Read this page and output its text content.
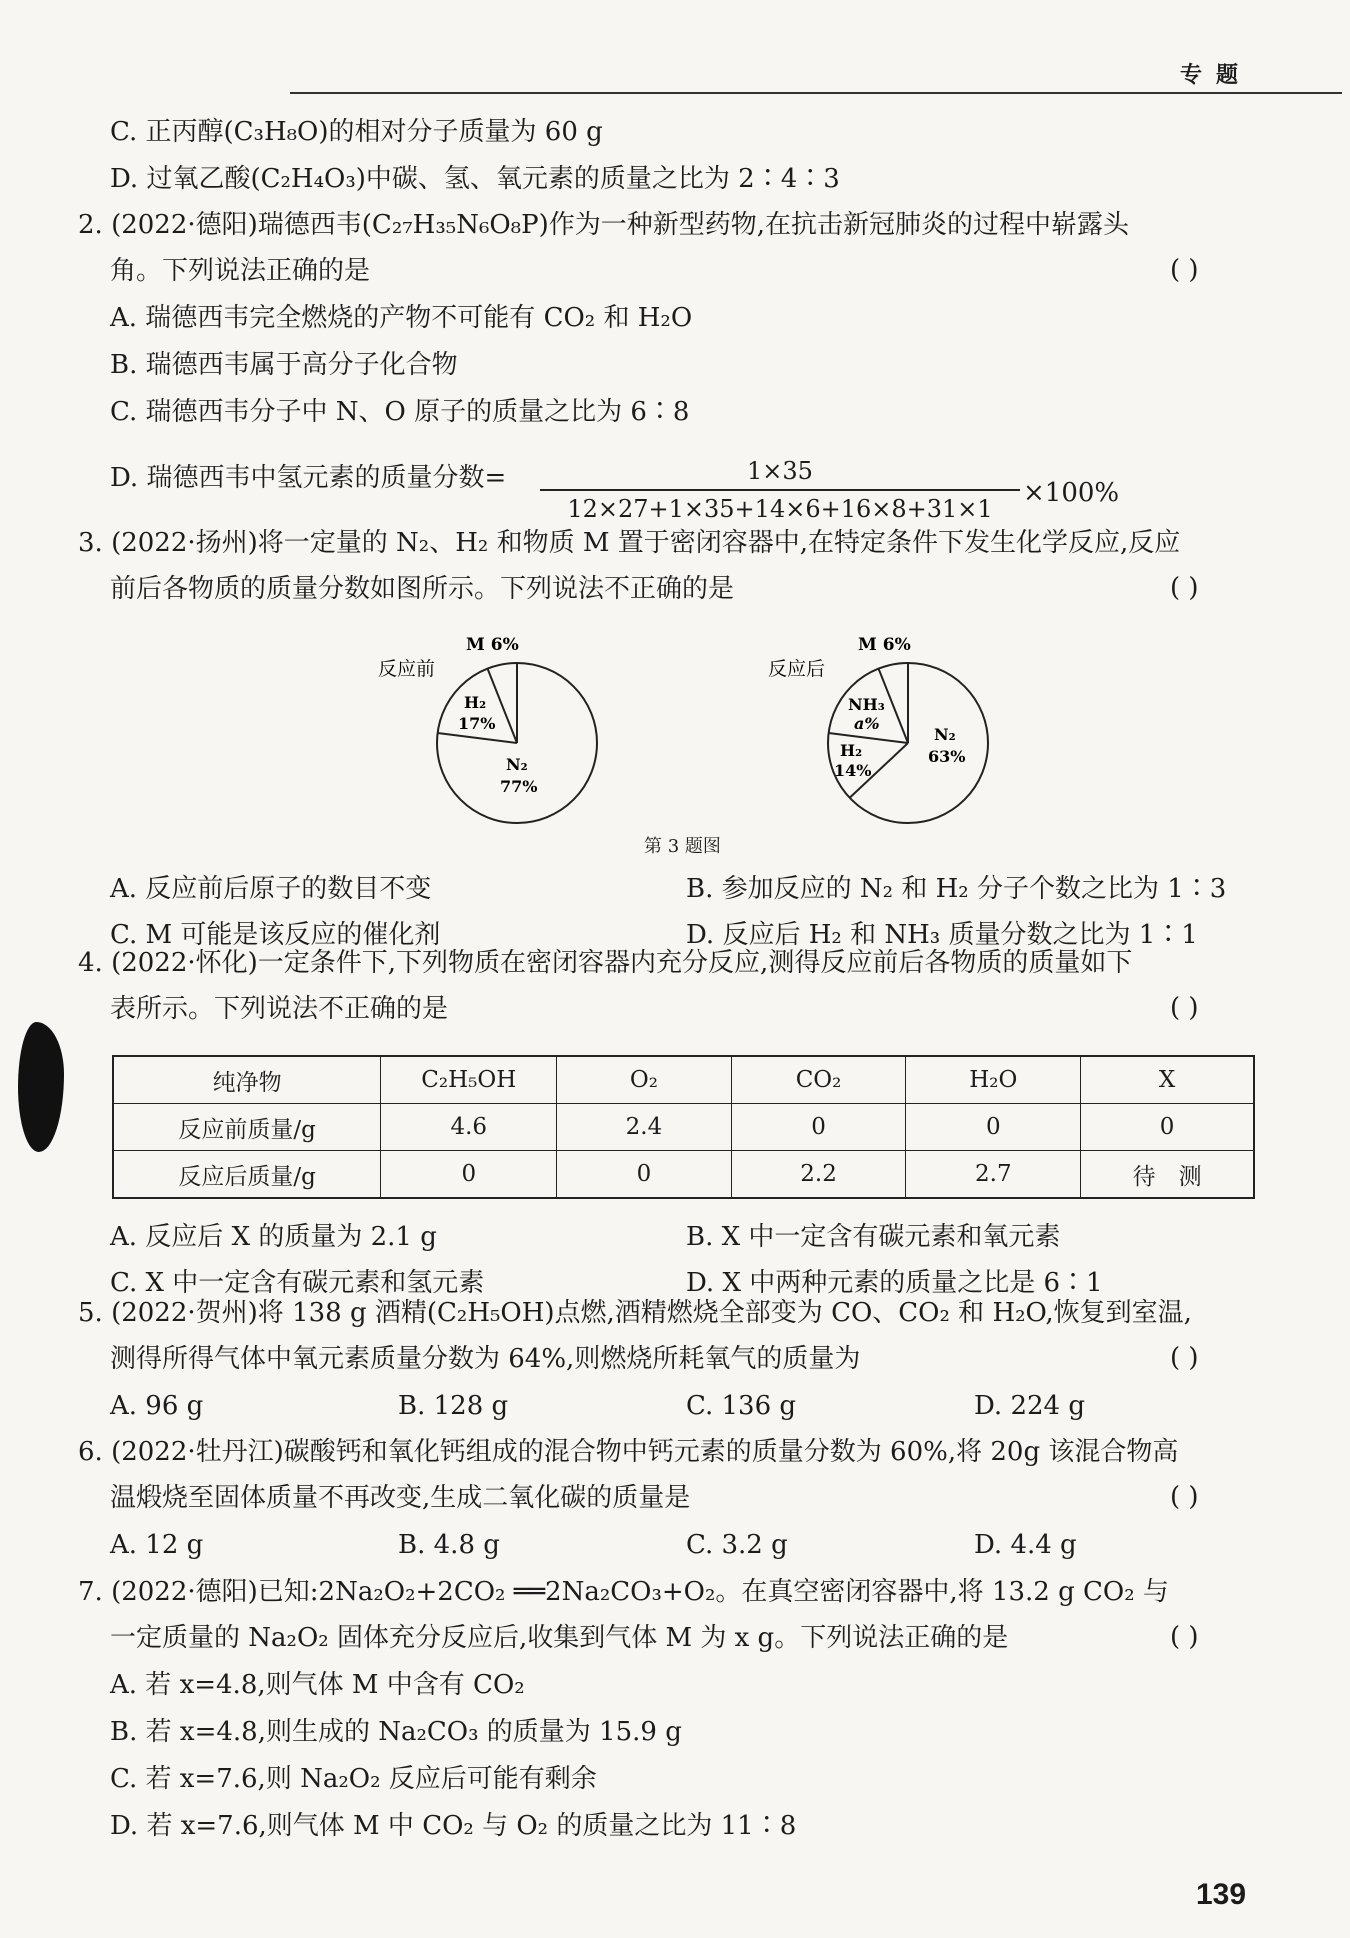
专题
C. 正丙醇(C₃H₈O)的相对分子质量为 60 g
D. 过氧乙酸(C₂H₄O₃)中碳、氢、氧元素的质量之比为 2∶4∶3
2. (2022·德阳)瑞德西韦(C₂₇H₃₅N₆O₈P)作为一种新型药物,在抗击新冠肺炎的过程中崭露头
角。下列说法正确的是
A. 瑞德西韦完全燃烧的产物不可能有 CO₂ 和 H₂O
B. 瑞德西韦属于高分子化合物
C. 瑞德西韦分子中 N、O 原子的质量之比为 6∶8
D. 瑞德西韦中氢元素的质量分数=
3. (2022·扬州)将一定量的 N₂、H₂ 和物质 M 置于密闭容器中,在特定条件下发生化学反应,反应
前后各物质的质量分数如图所示。下列说法不正确的是
4. (2022·怀化)一定条件下,下列物质在密闭容器内充分反应,测得反应前后各物质的质量如下
表所示。下列说法不正确的是
5. (2022·贺州)将 138 g 酒精(C₂H₅OH)点燃,酒精燃烧全部变为 CO、CO₂ 和 H₂O,恢复到室温,
测得所得气体中氧元素质量分数为 64%,则燃烧所耗氧气的质量为
6. (2022·牡丹江)碳酸钙和氧化钙组成的混合物中钙元素的质量分数为 60%,将 20g 该混合物高
温煅烧至固体质量不再改变,生成二氧化碳的质量是
7. (2022·德阳)已知:2Na₂O₂+2CO₂ ══2Na₂CO₃+O₂。在真空密闭容器中,将 13.2 g CO₂ 与
一定质量的 Na₂O₂ 固体充分反应后,收集到气体 M 为 x g。下列说法正确的是
A. 若 x=4.8,则气体 M 中含有 CO₂
B. 若 x=4.8,则生成的 Na₂CO₃ 的质量为 15.9 g
C. 若 x=7.6,则 Na₂O₂ 反应后可能有剩余
D. 若 x=7.6,则气体 M 中 CO₂ 与 O₂ 的质量之比为 11∶8
1×35
12×27+1×35+14×6+16×8+31×1
×100%
反应前	反应后
M 6%
H₂
17%
N₂
77%
M 6%
NH₃
a%
H₂
14%
N₂
63%
第 3 题图
A. 反应前后原子的数目不变	B. 参加反应的 N₂ 和 H₂ 分子个数之比为 1∶3
C. M 可能是该反应的催化剂	D. 反应后 H₂ 和 NH₃ 质量分数之比为 1∶1
纯净物	C₂H₅OH	O₂	CO₂	H₂O	X
反应前质量/g	4.6	2.4	0	0	0
反应后质量/g	0	0	2.2	2.7	待　测
A. 反应后 X 的质量为 2.1 g	B. X 中一定含有碳元素和氧元素
C. X 中一定含有碳元素和氢元素	D. X 中两种元素的质量之比是 6∶1
A. 96 g	B. 128 g	C. 136 g	D. 224 g
A. 12 g	B. 4.8 g	C. 3.2 g	D. 4.4 g
( )
( )
( )
( )
( )
( )
139
